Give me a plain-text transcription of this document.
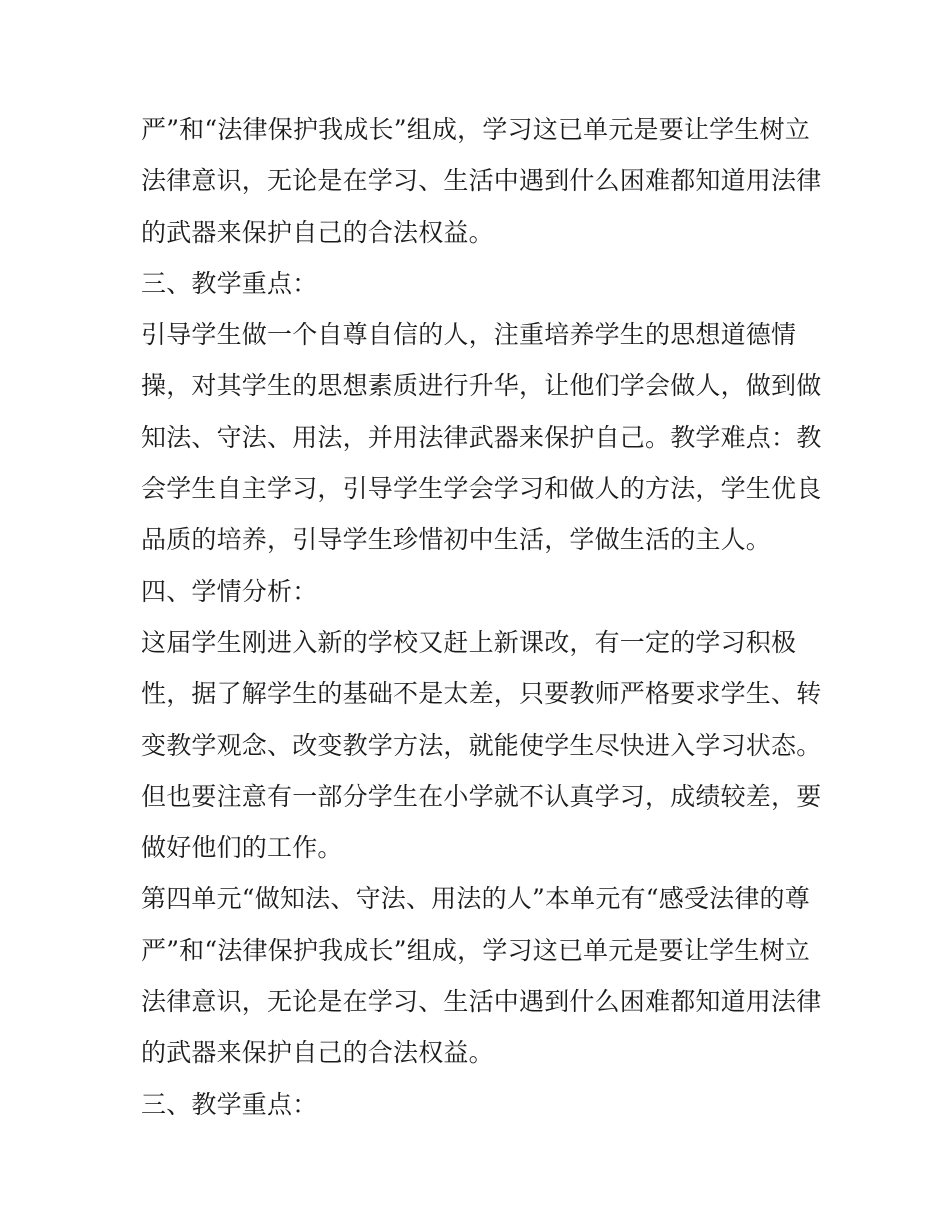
严”和“法律保护我成长”组成，学习这已单元是要让学生树立
法律意识，无论是在学习、生活中遇到什么困难都知道用法律
的武器来保护自己的合法权益。
三、教学重点：
引导学生做一个自尊自信的人，注重培养学生的思想道德情
操，对其学生的思想素质进行升华，让他们学会做人，做到做
知法、守法、用法，并用法律武器来保护自己。教学难点：教
会学生自主学习，引导学生学会学习和做人的方法，学生优良
品质的培养，引导学生珍惜初中生活，学做生活的主人。
四、学情分析：
这届学生刚进入新的学校又赶上新课改，有一定的学习积极
性，据了解学生的基础不是太差，只要教师严格要求学生、转
变教学观念、改变教学方法，就能使学生尽快进入学习状态。
但也要注意有一部分学生在小学就不认真学习，成绩较差，要
做好他们的工作。
第四单元“做知法、守法、用法的人”本单元有“感受法律的尊
严”和“法律保护我成长”组成，学习这已单元是要让学生树立
法律意识，无论是在学习、生活中遇到什么困难都知道用法律
的武器来保护自己的合法权益。
三、教学重点：
